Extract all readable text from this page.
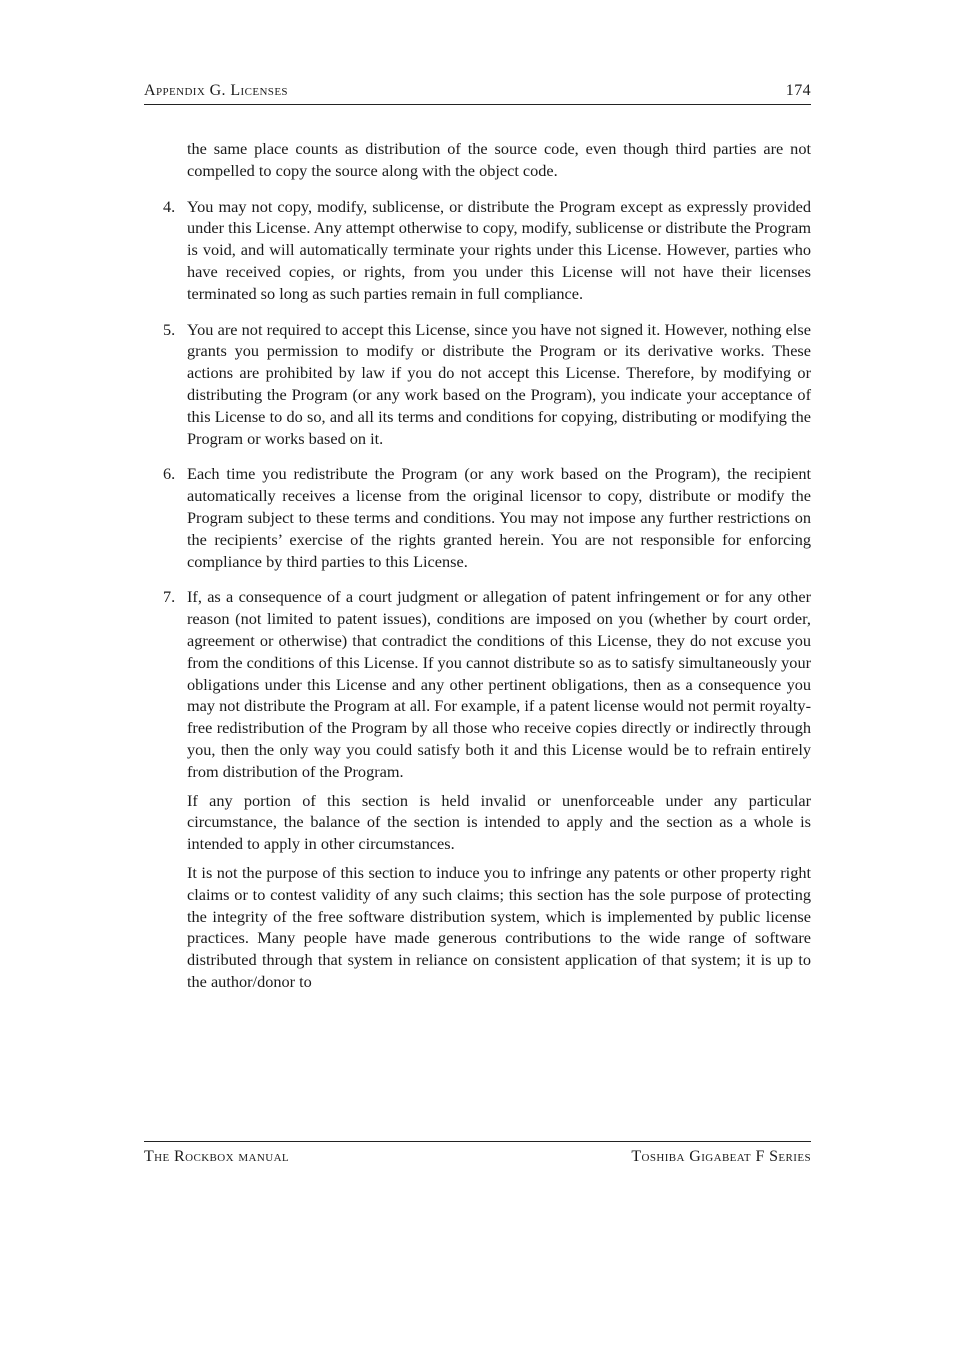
Appendix G. Licenses	174

the same place counts as distribution of the source code, even though third parties are not compelled to copy the source along with the object code.

4. You may not copy, modify, sublicense, or distribute the Program except as expressly provided under this License. Any attempt otherwise to copy, modify, sublicense or distribute the Program is void, and will automatically terminate your rights under this License. However, parties who have received copies, or rights, from you under this License will not have their licenses terminated so long as such parties remain in full compliance.

5. You are not required to accept this License, since you have not signed it. However, nothing else grants you permission to modify or distribute the Program or its derivative works. These actions are prohibited by law if you do not accept this License. Therefore, by modifying or distributing the Program (or any work based on the Program), you indicate your acceptance of this License to do so, and all its terms and conditions for copying, distributing or modifying the Program or works based on it.

6. Each time you redistribute the Program (or any work based on the Program), the recipient automatically receives a license from the original licensor to copy, distribute or modify the Program subject to these terms and conditions. You may not impose any further restrictions on the recipients’ exercise of the rights granted herein. You are not responsible for enforcing compliance by third parties to this License.

7. If, as a consequence of a court judgment or allegation of patent infringement or for any other reason (not limited to patent issues), conditions are imposed on you (whether by court order, agreement or otherwise) that contradict the conditions of this License, they do not excuse you from the conditions of this License. If you cannot distribute so as to satisfy simultaneously your obligations under this License and any other pertinent obligations, then as a consequence you may not distribute the Program at all. For example, if a patent license would not permit royalty-free redistribution of the Program by all those who receive copies directly or indirectly through you, then the only way you could satisfy both it and this License would be to refrain entirely from distribution of the Program.

If any portion of this section is held invalid or unenforceable under any particular circumstance, the balance of the section is intended to apply and the section as a whole is intended to apply in other circumstances.

It is not the purpose of this section to induce you to infringe any patents or other property right claims or to contest validity of any such claims; this section has the sole purpose of protecting the integrity of the free software distribution system, which is implemented by public license practices. Many people have made generous contributions to the wide range of software distributed through that system in reliance on consistent application of that system; it is up to the author/donor to

The Rockbox manual	Toshiba Gigabeat F Series
